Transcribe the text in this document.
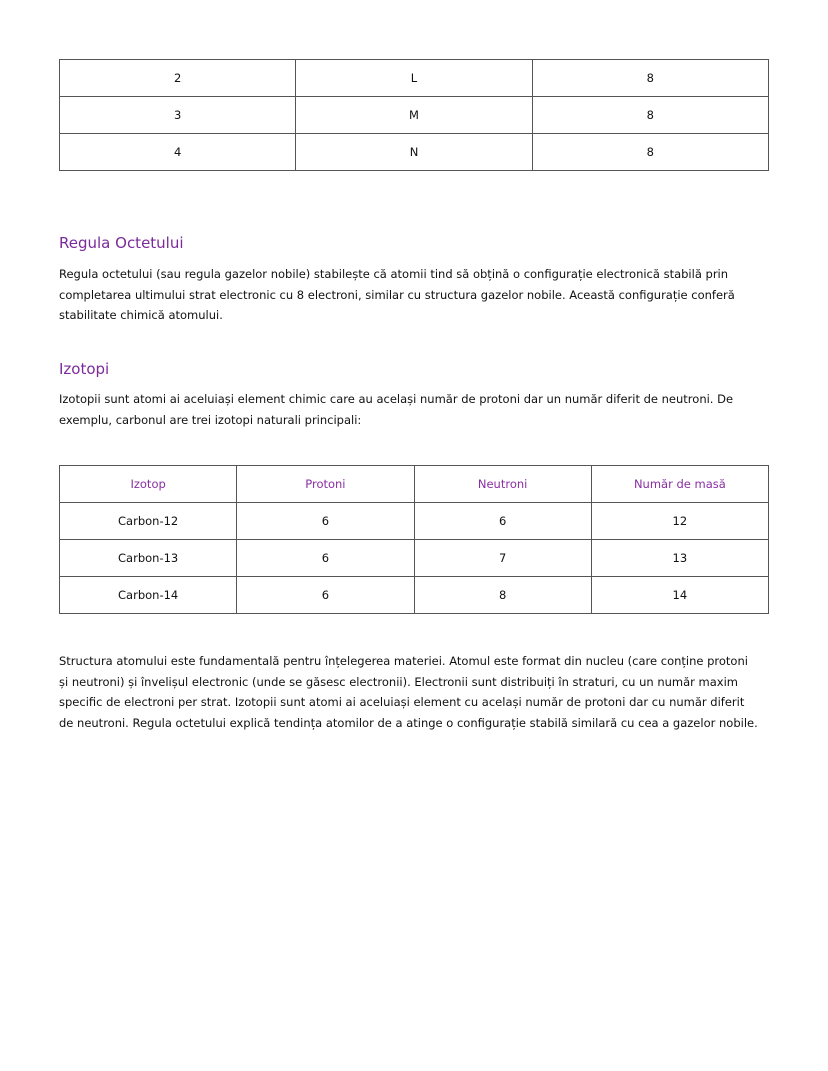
2	L	8
3	M	8
4	N	8
Regula Octetului

Regula octetului (sau regula gazelor nobile) stabilește că atomii tind să obțină o configurație electronică stabilă prin completarea ultimului strat electronic cu 8 electroni, similar cu structura gazelor nobile. Această configurație conferă stabilitate chimică atomului.

Izotopi

Izotopii sunt atomi ai aceluiași element chimic care au același număr de protoni dar un număr diferit de neutroni. De exemplu, carbonul are trei izotopi naturali principali:

Izotop	Protoni	Neutroni	Număr de masă
Carbon-12	6	6	12
Carbon-13	6	7	13
Carbon-14	6	8	14

Structura atomului este fundamentală pentru înțelegerea materiei. Atomul este format din nucleu (care conține protoni și neutroni) și învelișul electronic (unde se găsesc electronii). Electronii sunt distribuiți în straturi, cu un număr maxim specific de electroni per strat. Izotopii sunt atomi ai aceluiași element cu același număr de protoni dar cu număr diferit de neutroni. Regula octetului explică tendința atomilor de a atinge o configurație stabilă similară cu cea a gazelor nobile.
